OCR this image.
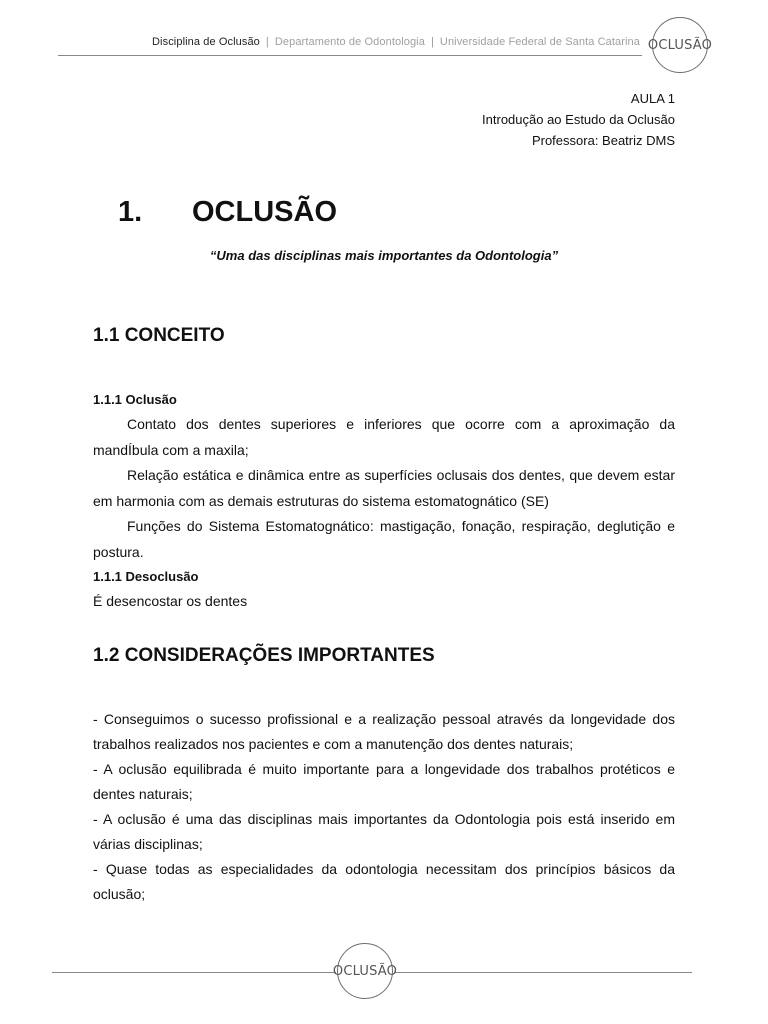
Disciplina de Oclusão | Departamento de Odontologia | Universidade Federal de Santa Catarina OCLUSÃO
AULA 1
Introdução ao Estudo da Oclusão
Professora: Beatriz DMS
1. OCLUSÃO
“Uma das disciplinas mais importantes da Odontologia”
1.1 CONCEITO
1.1.1 Oclusão
Contato dos dentes superiores e inferiores que ocorre com a aproximação da mandÍbula com a maxila;
Relação estática e dinâmica entre as superfícies oclusais dos dentes, que devem estar em harmonia com as demais estruturas do sistema estomatognático (SE)
Funções do Sistema Estomatognático: mastigação, fonação, respiração, deglutição e postura.
1.1.1 Desoclusão
É desencostar os dentes
1.2 CONSIDERAÇÕES IMPORTANTES
- Conseguimos o sucesso profissional e a realização pessoal através da longevidade dos trabalhos realizados nos pacientes e com a manutenção dos dentes naturais;
- A oclusão equilibrada é muito importante para a longevidade dos trabalhos protéticos e dentes naturais;
- A oclusão é uma das disciplinas mais importantes da Odontologia pois está inserido em várias disciplinas;
- Quase todas as especialidades da odontologia necessitam dos princípios básicos da oclusão;
OCLUSÃO
